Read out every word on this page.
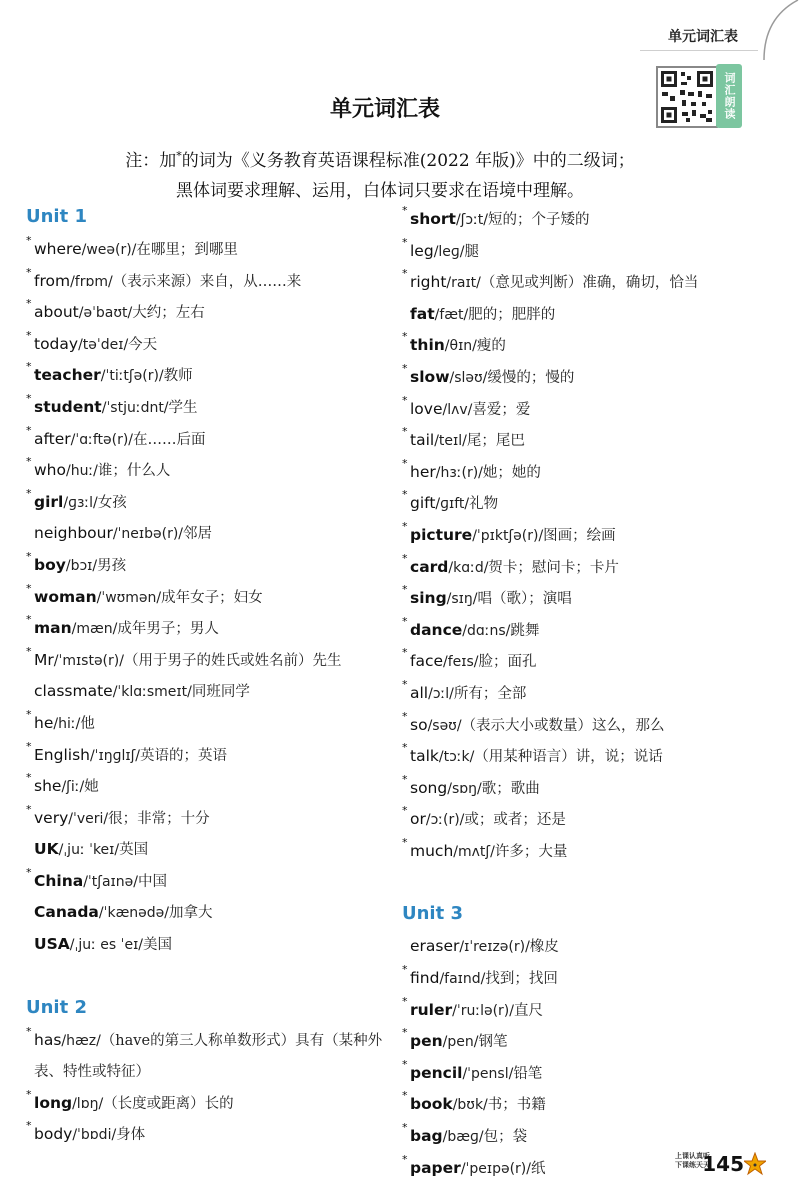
单元词汇表
词汇朗读
单元词汇表
注：加*的词为《义务教育英语课程标准(2022 年版)》中的二级词；
黑体词要求理解、运用，白体词只要求在语境中理解。
Unit 1
* where/weə(r)/在哪里；到哪里
* from/frɒm/（表示来源）来自，从……来
* about/əˈbaʊt/大约；左右
* today/təˈdeɪ/今天
* teacher/ˈtiːtʃə(r)/教师
* student/ˈstjuːdnt/学生
* after/ˈɑːftə(r)/在……后面
* who/huː/谁；什么人
* girl/ɡɜːl/女孩
neighbour/ˈneɪbə(r)/邻居
* boy/bɔɪ/男孩
* woman/ˈwʊmən/成年女子；妇女
* man/mæn/成年男子；男人
* Mr/ˈmɪstə(r)/（用于男子的姓氏或姓名前）先生
classmate/ˈklɑːsmeɪt/同班同学
* he/hiː/他
* English/ˈɪŋɡlɪʃ/英语的；英语
* she/ʃiː/她
* very/ˈveri/很；非常；十分
UK/ˌjuː ˈkeɪ/英国
* China/ˈtʃaɪnə/中国
Canada/ˈkænədə/加拿大
USA/ˌjuː es ˈeɪ/美国
Unit 2
* has/hæz/（have的第三人称单数形式）具有（某种外表、特性或特征）
* long/lɒŋ/（长度或距离）长的
* body/ˈbɒdi/身体
* short/ʃɔːt/短的；个子矮的
* leg/leɡ/腿
* right/raɪt/（意见或判断）准确，确切，恰当
fat/fæt/肥的；肥胖的
* thin/θɪn/瘦的
* slow/sləʊ/缓慢的；慢的
* love/lʌv/喜爱；爱
* tail/teɪl/尾；尾巴
* her/hɜː(r)/她；她的
* gift/ɡɪft/礼物
* picture/ˈpɪktʃə(r)/图画；绘画
* card/kɑːd/贺卡；慰问卡；卡片
* sing/sɪŋ/唱（歌）；演唱
* dance/dɑːns/跳舞
* face/feɪs/脸；面孔
* all/ɔːl/所有；全部
* so/səʊ/（表示大小或数量）这么，那么
* talk/tɔːk/（用某种语言）讲，说；说话
* song/sɒŋ/歌；歌曲
* or/ɔː(r)/或；或者；还是
* much/mʌtʃ/许多；大量
Unit 3
eraser/ɪˈreɪzə(r)/橡皮
* find/faɪnd/找到；找回
* ruler/ˈruːlə(r)/直尺
* pen/pen/钢笔
* pencil/ˈpensl/铅笔
* book/bʊk/书；书籍
* bag/bæɡ/包；袋
* paper/ˈpeɪpə(r)/纸
上课认真听
下课练天天
145
